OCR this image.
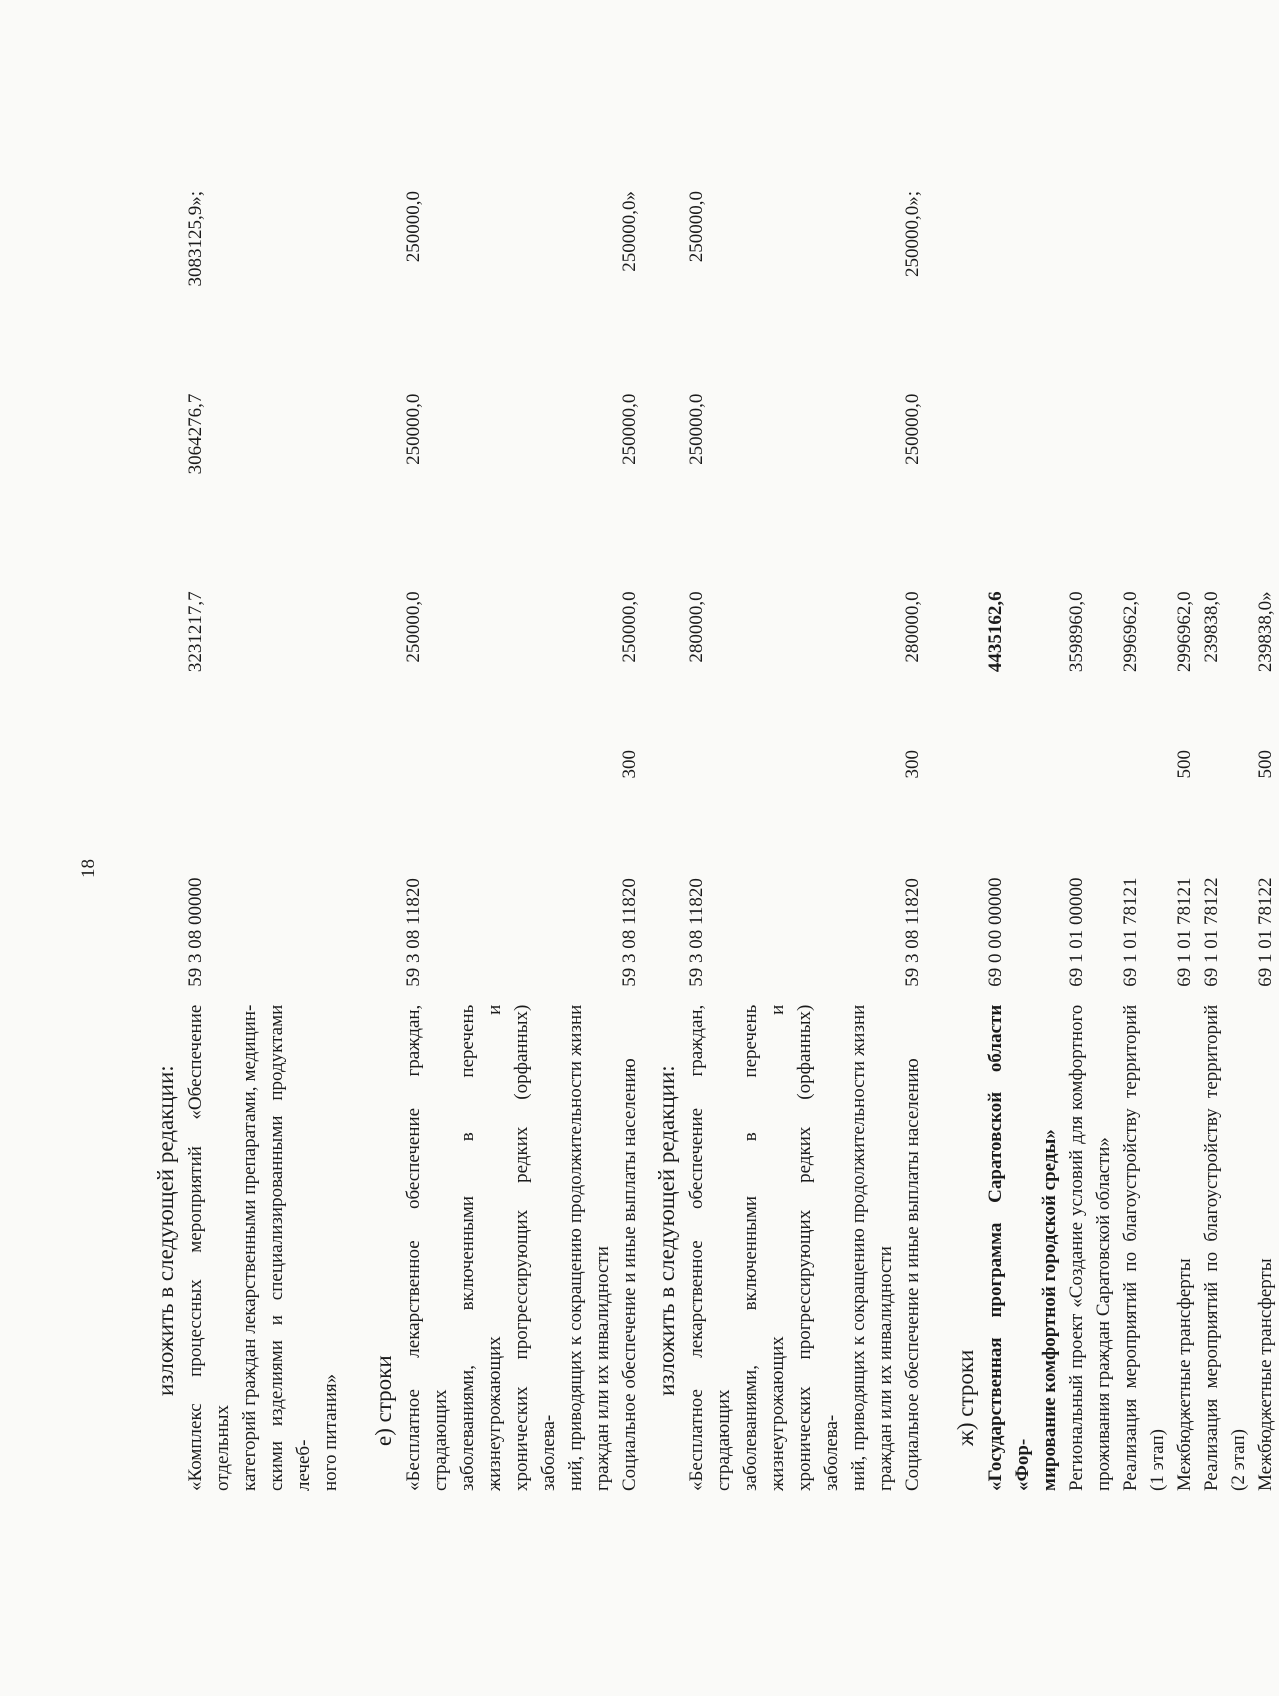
18
изложить в следующей редакции: «Комплекс процессных мероприятий «Обеспечение отдельных категорий граждан лекарственными препаратами, медицин- скими изделиями и специализированными продуктами лечеб- ного питания»
59 3 08 00000
3231217,7
3064276,7
3083125,9»;
е) строки «Бесплатное лекарственное обеспечение граждан, страдающих заболеваниями, включенными в перечень жизнеугрожающих и хронических прогрессирующих редких (орфанных) заболева- ний, приводящих к сокращению продолжительности жизни граждан или их инвалидности
59 3 08 11820
250000,0
250000,0
250000,0
Социальное обеспечение и иные выплаты населению
59 3 08 11820
300
250000,0
250000,0
250000,0»
изложить в следующей редакции: «Бесплатное лекарственное обеспечение граждан, страдающих заболеваниями, включенными в перечень жизнеугрожающих и хронических прогрессирующих редких (орфанных) заболева- ний, приводящих к сокращению продолжительности жизни граждан или их инвалидности
59 3 08 11820
280000,0
250000,0
250000,0
Социальное обеспечение и иные выплаты населению
59 3 08 11820
300
280000,0
250000,0
250000,0»;
ж) строки «Государственная программа Саратовской области «Фор- мирование комфортной городской среды»
69 0 00 00000
4435162,6
Региональный проект «Создание условий для комфортного проживания граждан Саратовской области»
69 1 01 00000
3598960,0
Реализация мероприятий по благоустройству территорий (1 этап)
69 1 01 78121
2996962,0
Межбюджетные трансферты
69 1 01 78121
500
2996962,0
Реализация мероприятий по благоустройству территорий (2 этап)
69 1 01 78122
239838,0
Межбюджетные трансферты
69 1 01 78122
500
239838,0»
